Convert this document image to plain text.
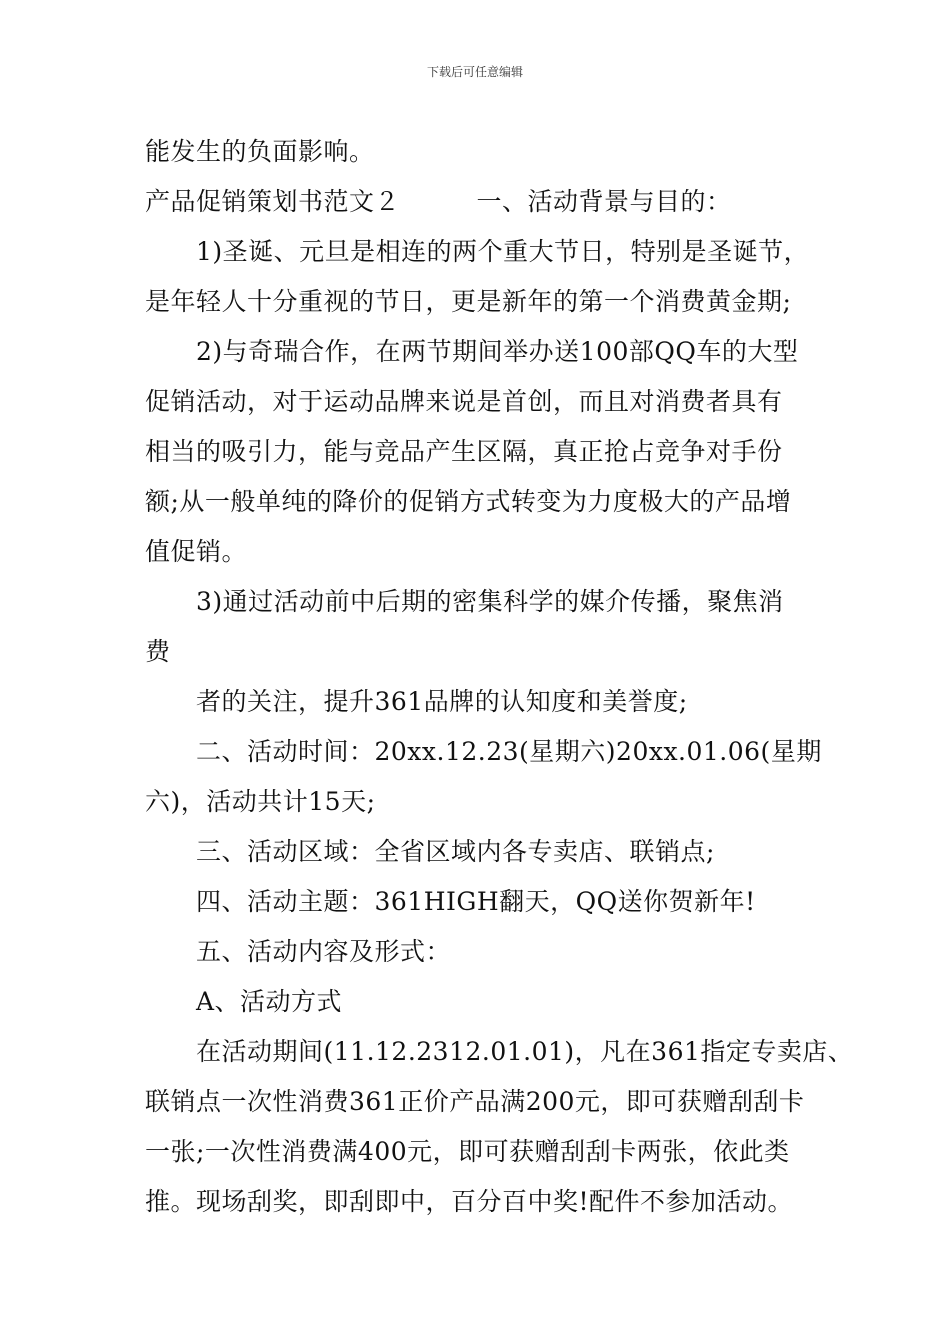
下载后可任意编辑
能发生的负面影响。
产品促销策划书范文２　　　一、活动背景与目的：
1)圣诞、元旦是相连的两个重大节日，特别是圣诞节，
是年轻人十分重视的节日，更是新年的第一个消费黄金期;
2)与奇瑞合作，在两节期间举办送100部QQ车的大型
促销活动，对于运动品牌来说是首创，而且对消费者具有
相当的吸引力，能与竞品产生区隔，真正抢占竞争对手份
额;从一般单纯的降价的促销方式转变为力度极大的产品增
值促销。
3)通过活动前中后期的密集科学的媒介传播，聚焦消
费
者的关注，提升361品牌的认知度和美誉度;
二、活动时间：20xx.12.23(星期六)20xx.01.06(星期
六)，活动共计15天;
三、活动区域：全省区域内各专卖店、联销点;
四、活动主题：361HIGH翻天，QQ送你贺新年!
五、活动内容及形式：
A、活动方式
在活动期间(11.12.2312.01.01)，凡在361指定专卖店、
联销点一次性消费361正价产品满200元，即可获赠刮刮卡
一张;一次性消费满400元，即可获赠刮刮卡两张，依此类
推。现场刮奖，即刮即中，百分百中奖!配件不参加活动。
